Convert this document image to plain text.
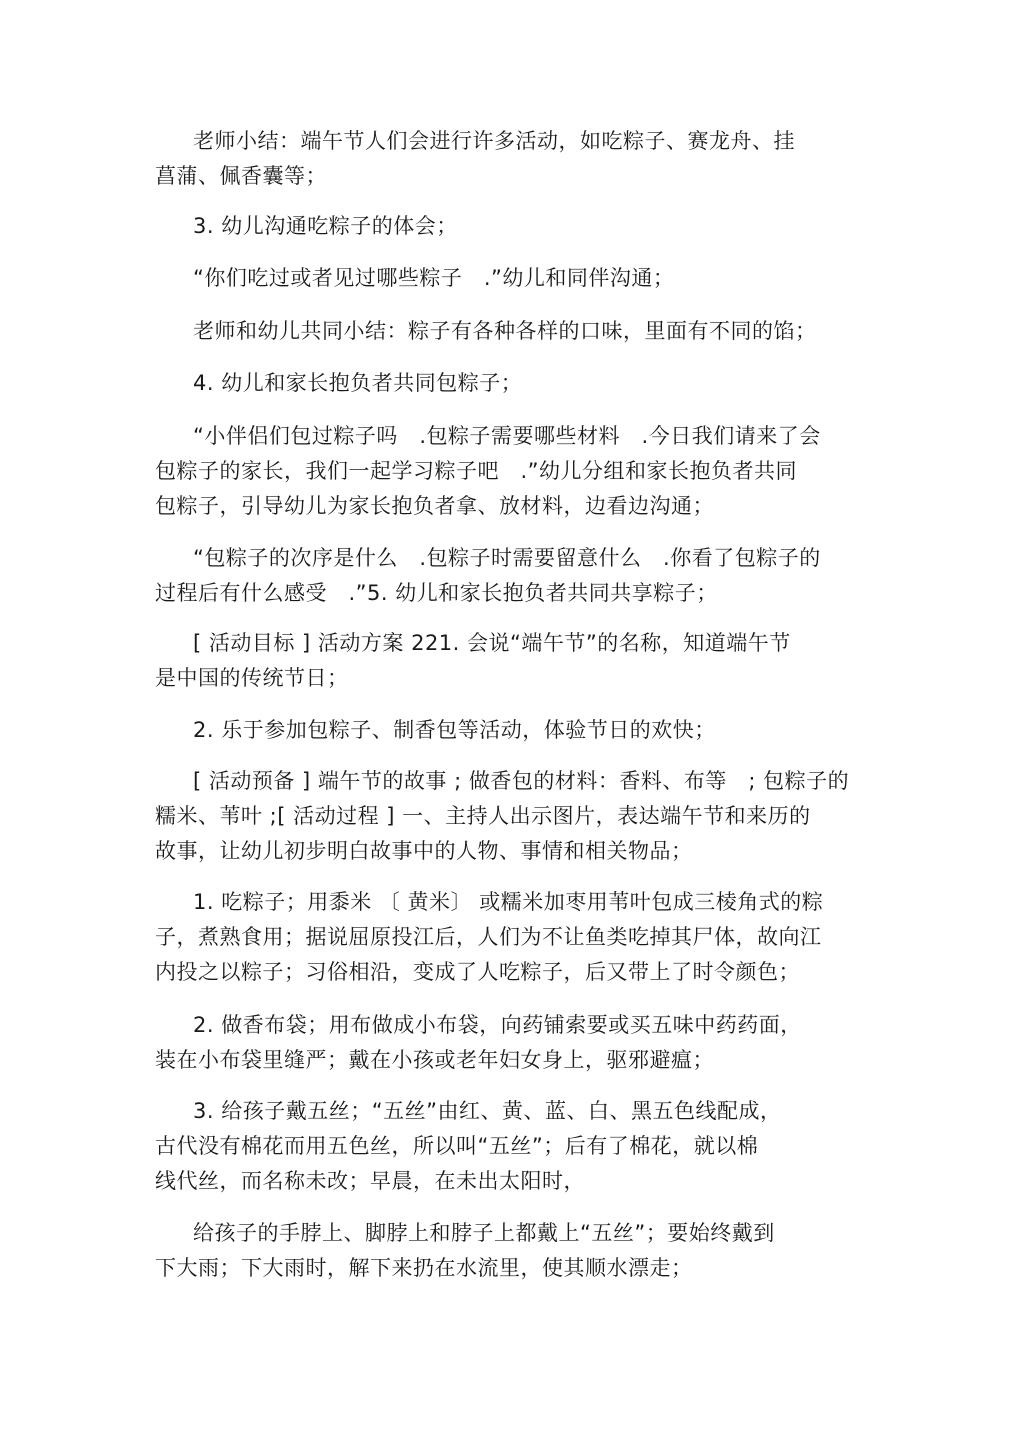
老师小结：端午节人们会进行许多活动，如吃粽子、赛龙舟、挂
菖蒲、佩香囊等；
3. 幼儿沟通吃粽子的体会；
“你们吃过或者见过哪些粽子　.”幼儿和同伴沟通；
老师和幼儿共同小结：粽子有各种各样的口味，里面有不同的馅；
4. 幼儿和家长抱负者共同包粽子；
“小伴侣们包过粽子吗　.包粽子需要哪些材料　.今日我们请来了会
包粽子的家长，我们一起学习粽子吧　.”幼儿分组和家长抱负者共同
包粽子，引导幼儿为家长抱负者拿、放材料，边看边沟通；
“包粽子的次序是什么　.包粽子时需要留意什么　.你看了包粽子的
过程后有什么感受　.”5. 幼儿和家长抱负者共同共享粽子；
[ 活动目标 ] 活动方案 221. 会说“端午节”的名称，知道端午节
是中国的传统节日；
2. 乐于参加包粽子、制香包等活动，体验节日的欢快；
[ 活动预备 ] 端午节的故事 ; 做香包的材料：香料、布等　; 包粽子的
糯米、苇叶 ;[ 活动过程 ] 一、主持人出示图片，表达端午节和来历的
故事，让幼儿初步明白故事中的人物、事情和相关物品；
1. 吃粽子；用黍米 〔 黄米〕 或糯米加枣用苇叶包成三棱角式的粽
子，煮熟食用；据说屈原投江后，人们为不让鱼类吃掉其尸体，故向江
内投之以粽子；习俗相沿，变成了人吃粽子，后又带上了时令颜色；
2. 做香布袋；用布做成小布袋，向药铺索要或买五味中药药面，
装在小布袋里缝严；戴在小孩或老年妇女身上，驱邪避瘟；
3. 给孩子戴五丝；“五丝”由红、黄、蓝、白、黑五色线配成，
古代没有棉花而用五色丝，所以叫“五丝”；后有了棉花，就以棉
线代丝，而名称未改；早晨，在未出太阳时，
给孩子的手脖上、脚脖上和脖子上都戴上“五丝”；要始终戴到
下大雨；下大雨时，解下来扔在水流里，使其顺水漂走；
